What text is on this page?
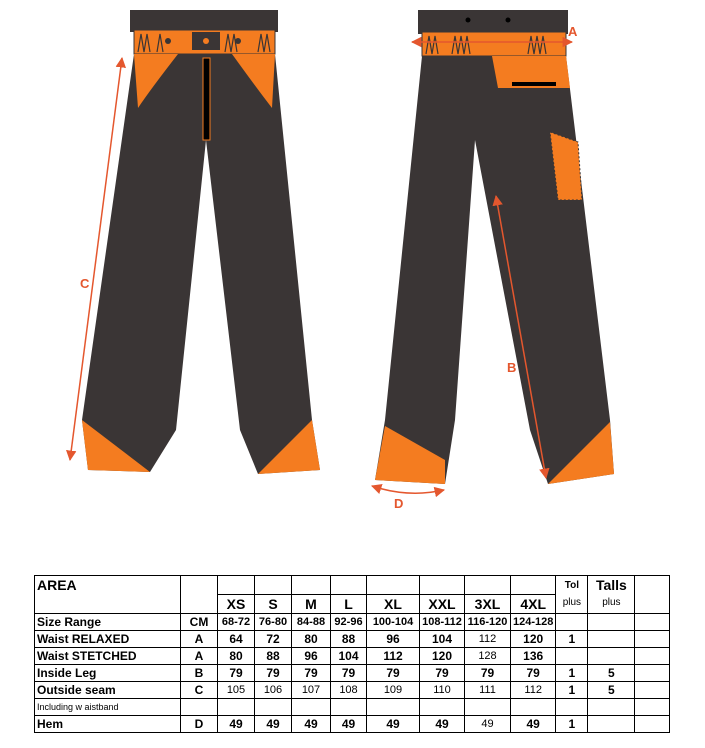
C
A
B
D
AREA										Tol	Talls	
		XS	S	M	L	XL	XXL	3XL	4XL	plus	plus	
Size Range	CM	68-72	76-80	84-88	92-96	100-104	108-112	116-120	124-128			
Waist RELAXED	A	64	72	80	88	96	104	112	120	1		
Waist STETCHED	A	80	88	96	104	112	120	128	136			
Inside Leg	B	79	79	79	79	79	79	79	79	1	5	
Outside seam	C	105	106	107	108	109	110	111	112	1	5	
Including w aistband												
Hem	D	49	49	49	49	49	49	49	49	1		
